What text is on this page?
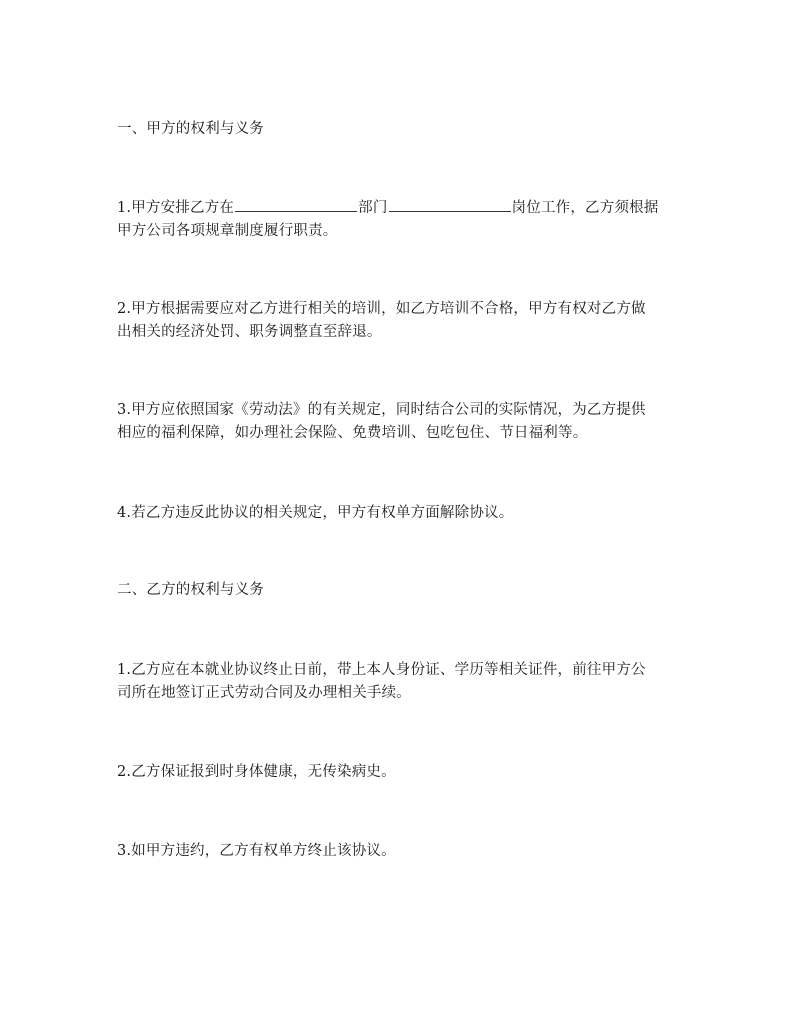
一、甲方的权利与义务
1.甲方安排乙方在	部门	岗位工作，乙方须根据
甲方公司各项规章制度履行职责。
2.甲方根据需要应对乙方进行相关的培训，如乙方培训不合格，甲方有权对乙方做
出相关的经济处罚、职务调整直至辞退。
3.甲方应依照国家《劳动法》的有关规定，同时结合公司的实际情况，为乙方提供
相应的福利保障，如办理社会保险、免费培训、包吃包住、节日福利等。
4.若乙方违反此协议的相关规定，甲方有权单方面解除协议。
二、乙方的权利与义务
1.乙方应在本就业协议终止日前，带上本人身份证、学历等相关证件，前往甲方公
司所在地签订正式劳动合同及办理相关手续。
2.乙方保证报到时身体健康，无传染病史。
3.如甲方违约，乙方有权单方终止该协议。
